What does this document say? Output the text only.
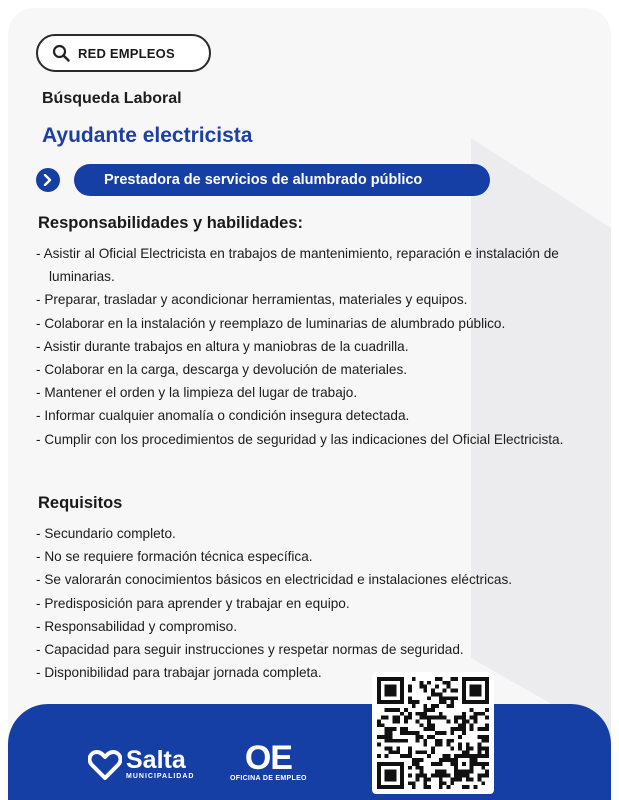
RED EMPLEOS
Búsqueda Laboral
Ayudante electricista
Prestadora de servicios de alumbrado público
Responsabilidades y habilidades:
- Asistir al Oficial Electricista en trabajos de mantenimiento, reparación e instalación de luminarias.
- Preparar, trasladar y acondicionar herramientas, materiales y equipos.
- Colaborar en la instalación y reemplazo de luminarias de alumbrado público.
- Asistir durante trabajos en altura y maniobras de la cuadrilla.
- Colaborar en la carga, descarga y devolución de materiales.
- Mantener el orden y la limpieza del lugar de trabajo.
- Informar cualquier anomalía o condición insegura detectada.
- Cumplir con los procedimientos de seguridad y las indicaciones del Oficial Electricista.
Requisitos
- Secundario completo.
- No se requiere formación técnica específica.
- Se valorarán conocimientos básicos en electricidad e instalaciones eléctricas.
- Predisposición para aprender y trabajar en equipo.
- Responsabilidad y compromiso.
- Capacidad para seguir instrucciones y respetar normas de seguridad.
- Disponibilidad para trabajar jornada completa.
Salta
MUNICIPALIDAD	OE
OFICINA DE EMPLEO
